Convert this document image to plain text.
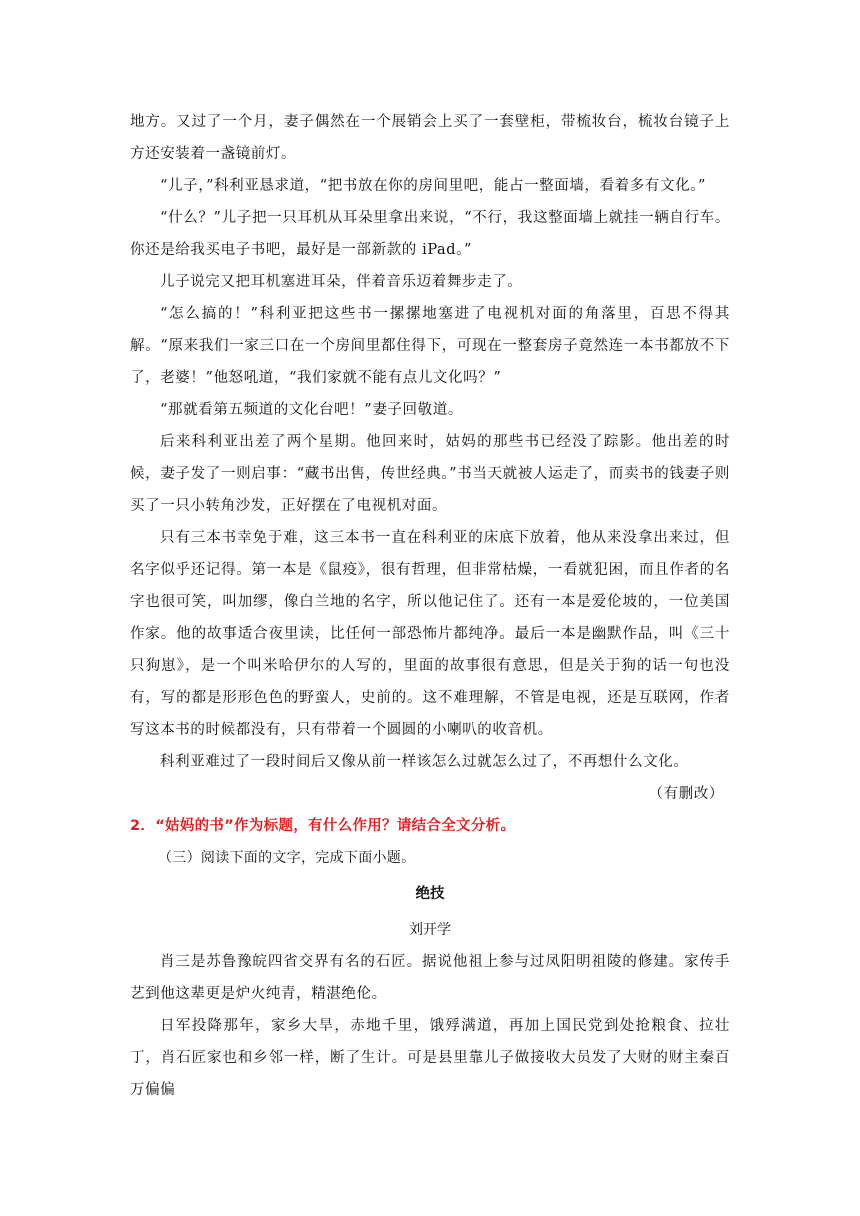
地方。又过了一个月，妻子偶然在一个展销会上买了一套壁柜，带梳妆台，梳妆台镜子上方还安装着一盏镜前灯。

“儿子，”科利亚恳求道，“把书放在你的房间里吧，能占一整面墙，看着多有文化。”

“什么？”儿子把一只耳机从耳朵里拿出来说，“不行，我这整面墙上就挂一辆自行车。你还是给我买电子书吧，最好是一部新款的 iPad。”

儿子说完又把耳机塞进耳朵，伴着音乐迈着舞步走了。

“怎么搞的！”科利亚把这些书一摞摞地塞进了电视机对面的角落里，百思不得其解。“原来我们一家三口在一个房间里都住得下，可现在一整套房子竟然连一本书都放不下了，老婆！”他怒吼道，“我们家就不能有点儿文化吗？”

“那就看第五频道的文化台吧！”妻子回敬道。

后来科利亚出差了两个星期。他回来时，姑妈的那些书已经没了踪影。他出差的时候，妻子发了一则启事：“藏书出售，传世经典。”书当天就被人运走了，而卖书的钱妻子则买了一只小转角沙发，正好摆在了电视机对面。

只有三本书幸免于难，这三本书一直在科利亚的床底下放着，他从来没拿出来过，但名字似乎还记得。第一本是《鼠疫》，很有哲理，但非常枯燥，一看就犯困，而且作者的名字也很可笑，叫加缪，像白兰地的名字，所以他记住了。还有一本是爱伦坡的，一位美国作家。他的故事适合夜里读，比任何一部恐怖片都纯净。最后一本是幽默作品，叫《三十只狗崽》，是一个叫米哈伊尔的人写的，里面的故事很有意思，但是关于狗的话一句也没有，写的都是形形色色的野蛮人，史前的。这不难理解，不管是电视，还是互联网，作者写这本书的时候都没有，只有带着一个圆圆的小喇叭的收音机。

科利亚难过了一段时间后又像从前一样该怎么过就怎么过了，不再想什么文化。

（有删改）

2．“姑妈的书”作为标题，有什么作用？请结合全文分析。

（三）阅读下面的文字，完成下面小题。

绝技

刘开学

肖三是苏鲁豫皖四省交界有名的石匠。据说他祖上参与过凤阳明祖陵的修建。家传手艺到他这辈更是炉火纯青，精湛绝伦。

日军投降那年，家乡大旱，赤地千里，饿殍满道，再加上国民党到处抢粮食、拉壮丁，肖石匠家也和乡邻一样，断了生计。可是县里靠儿子做接收大员发了大财的财主秦百万偏偏
